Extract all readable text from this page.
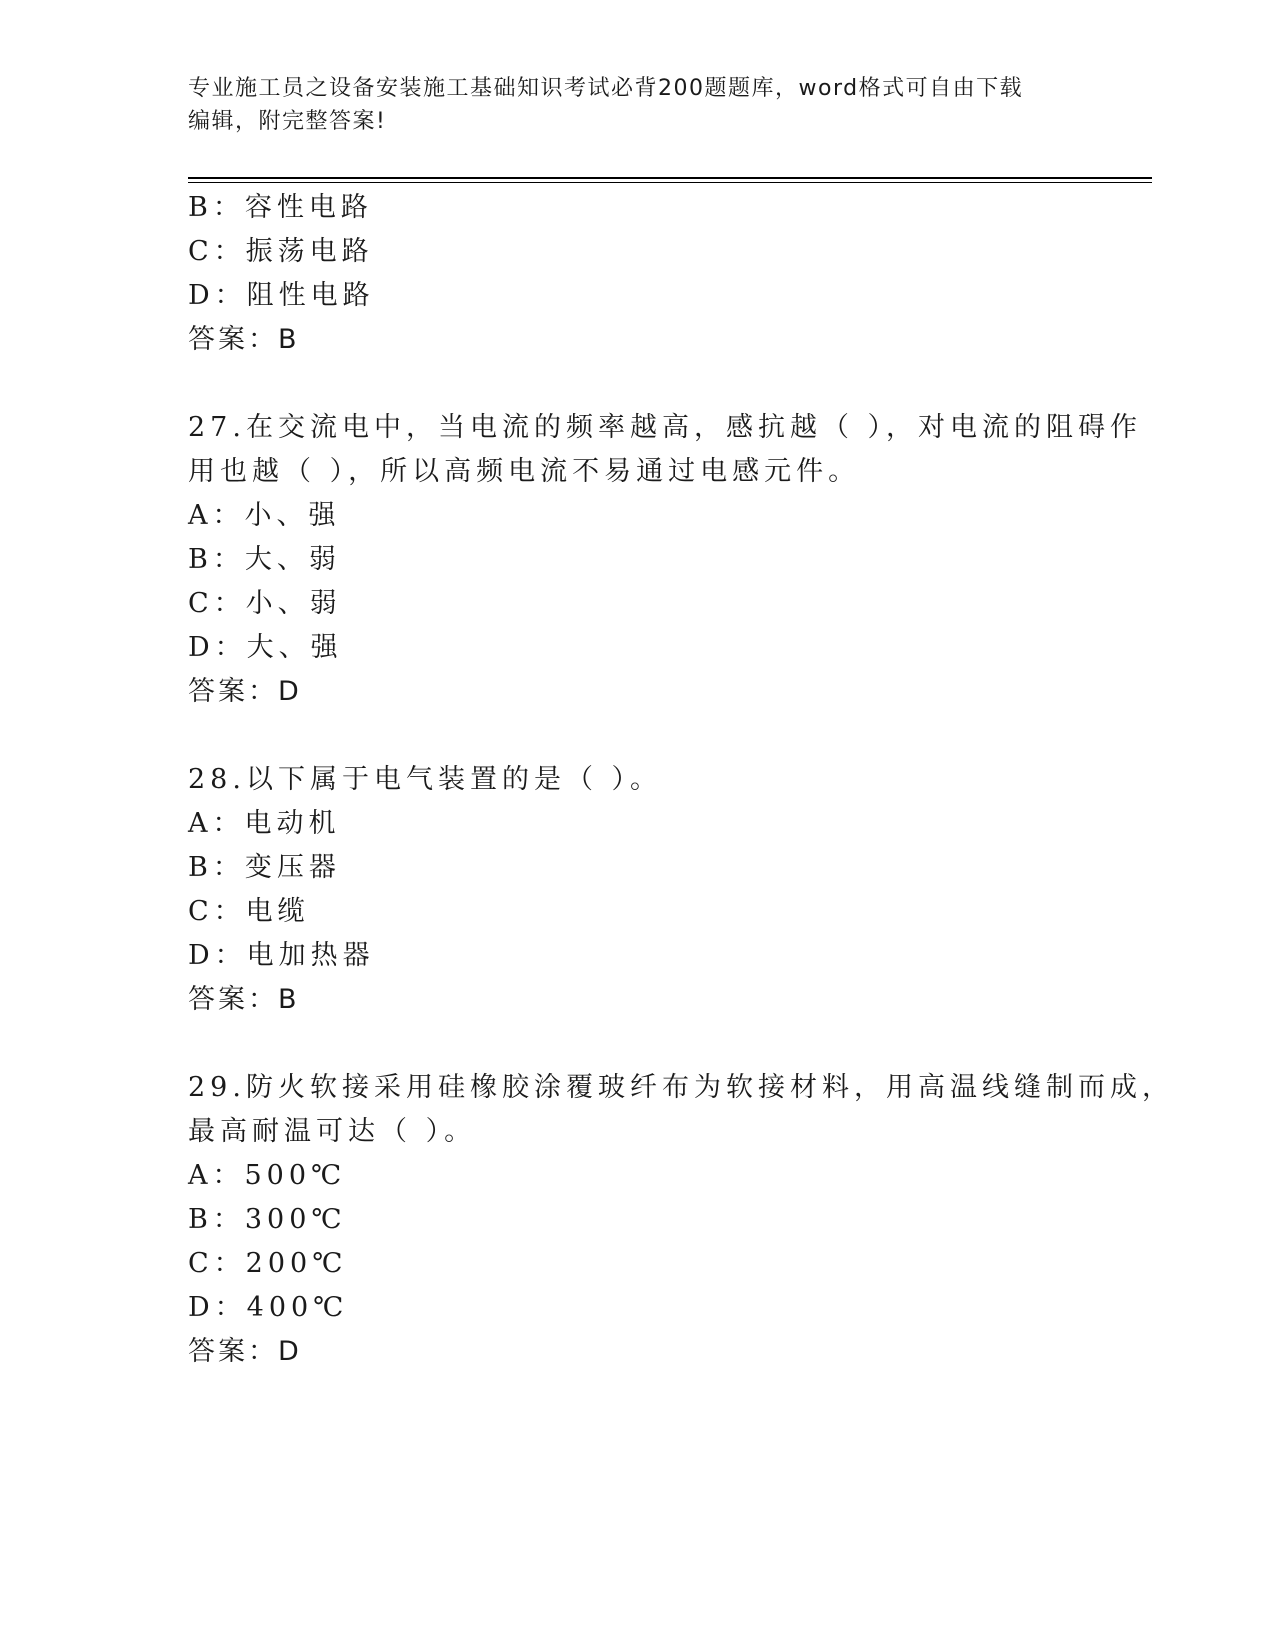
专业施工员之设备安装施工基础知识考试必背200题题库，word格式可自由下载
编辑，附完整答案!
B：容性电路
C：振荡电路
D：阻性电路
答案：B
27.在交流电中，当电流的频率越高，感抗越（ ），对电流的阻碍作
用也越（ ），所以高频电流不易通过电感元件。
A：小、强
B：大、弱
C：小、弱
D：大、强
答案：D
28.以下属于电气装置的是（ ）。
A：电动机
B：变压器
C：电缆
D：电加热器
答案：B
29.防火软接采用硅橡胶涂覆玻纤布为软接材料，用高温线缝制而成，
最高耐温可达（ ）。
A：500℃
B：300℃
C：200℃
D：400℃
答案：D
